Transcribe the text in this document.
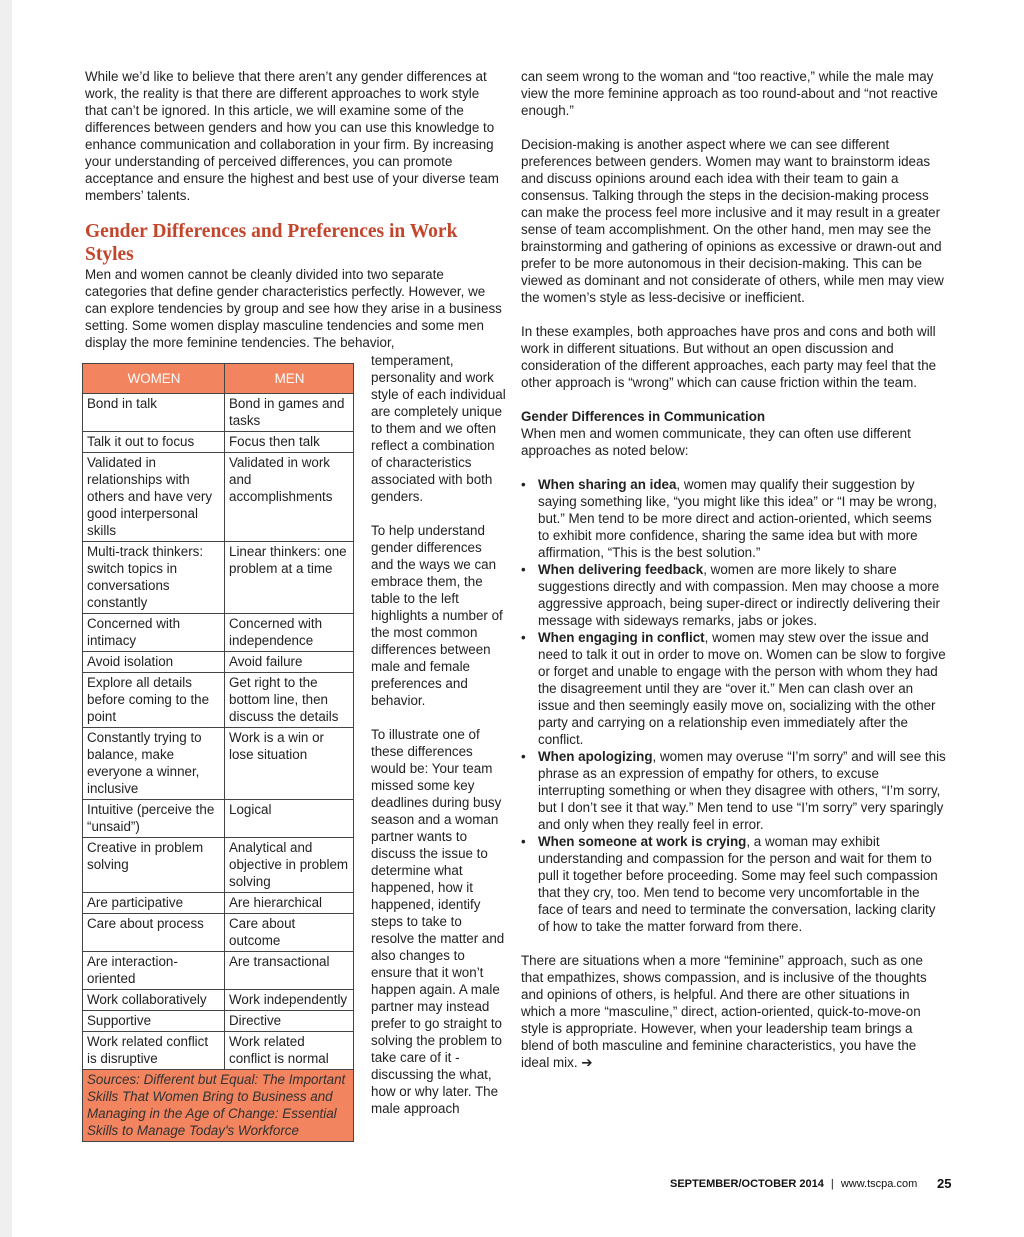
While we’d like to believe that there aren’t any gender differences at work, the reality is that there are different approaches to work style that can’t be ignored. In this article, we will examine some of the differences between genders and how you can use this knowledge to enhance communication and collaboration in your firm. By increasing your understanding of perceived differences, you can promote acceptance and ensure the highest and best use of your diverse team members’ talents.

Gender Differences and Preferences in Work Styles

Men and women cannot be cleanly divided into two separate categories that define gender characteristics perfectly. However, we can explore tendencies by group and see how they arise in a business setting. Some women display masculine tendencies and some men display the more feminine tendencies. The behavior,

WOMEN	MEN
Bond in talk	Bond in games and tasks
Talk it out to focus	Focus then talk
Validated in relationships with others and have very good interpersonal skills	Validated in work and accomplishments
Multi-track thinkers: switch topics in conversations constantly	Linear thinkers: one problem at a time
Concerned with intimacy	Concerned with independence
Avoid isolation	Avoid failure
Explore all details before coming to the point	Get right to the bottom line, then discuss the details
Constantly trying to balance, make everyone a winner, inclusive	Work is a win or lose situation
Intuitive (perceive the “unsaid”)	Logical
Creative in problem solving	Analytical and objective in problem solving
Are participative	Are hierarchical
Care about process	Care about outcome
Are interaction-oriented	Are transactional
Work collaboratively	Work independently
Supportive	Directive
Work related conflict is disruptive	Work related conflict is normal
Sources: Different but Equal: The Important Skills That Women Bring to Business and Managing in the Age of Change: Essential Skills to Manage Today's Workforce	

temperament, personality and work style of each individual are completely unique to them and we often reflect a combination of characteristics associated with both genders.

To help understand gender differences and the ways we can embrace them, the table to the left highlights a number of the most common differences between male and female preferences and behavior.

To illustrate one of these differences would be: Your team missed some key deadlines during busy season and a woman partner wants to discuss the issue to determine what happened, how it happened, identify steps to take to resolve the matter and also changes to ensure that it won’t happen again. A male partner may instead prefer to go straight to solving the problem to take care of it - discussing the what, how or why later. The male approach

can seem wrong to the woman and “too reactive,” while the male may view the more feminine approach as too round-about and “not reactive enough.”

Decision-making is another aspect where we can see different preferences between genders. Women may want to brainstorm ideas and discuss opinions around each idea with their team to gain a consensus. Talking through the steps in the decision-making process can make the process feel more inclusive and it may result in a greater sense of team accomplishment. On the other hand, men may see the brainstorming and gathering of opinions as excessive or drawn-out and prefer to be more autonomous in their decision-making. This can be viewed as dominant and not considerate of others, while men may view the women’s style as less-decisive or inefficient.

In these examples, both approaches have pros and cons and both will work in different situations. But without an open discussion and consideration of the different approaches, each party may feel that the other approach is “wrong” which can cause friction within the team.

Gender Differences in Communication

When men and women communicate, they can often use different approaches as noted below:

• When sharing an idea, women may qualify their suggestion by saying something like, “you might like this idea” or “I may be wrong, but.” Men tend to be more direct and action-oriented, which seems to exhibit more confidence, sharing the same idea but with more affirmation, “This is the best solution.”
• When delivering feedback, women are more likely to share suggestions directly and with compassion. Men may choose a more aggressive approach, being super-direct or indirectly delivering their message with sideways remarks, jabs or jokes.
• When engaging in conflict, women may stew over the issue and need to talk it out in order to move on. Women can be slow to forgive or forget and unable to engage with the person with whom they had the disagreement until they are “over it.” Men can clash over an issue and then seemingly easily move on, socializing with the other party and carrying on a relationship even immediately after the conflict.
• When apologizing, women may overuse “I’m sorry” and will see this phrase as an expression of empathy for others, to excuse interrupting something or when they disagree with others, “I’m sorry, but I don’t see it that way.” Men tend to use “I’m sorry” very sparingly and only when they really feel in error.
• When someone at work is crying, a woman may exhibit understanding and compassion for the person and wait for them to pull it together before proceeding. Some may feel such compassion that they cry, too. Men tend to become very uncomfortable in the face of tears and need to terminate the conversation, lacking clarity of how to take the matter forward from there.

There are situations when a more “feminine” approach, such as one that empathizes, shows compassion, and is inclusive of the thoughts and opinions of others, is helpful. And there are other situations in which a more “masculine,” direct, action-oriented, quick-to-move-on style is appropriate. However, when your leadership team brings a blend of both masculine and feminine characteristics, you have the ideal mix. ➔

SEPTEMBER/OCTOBER 2014 | www.tscpa.com 25
